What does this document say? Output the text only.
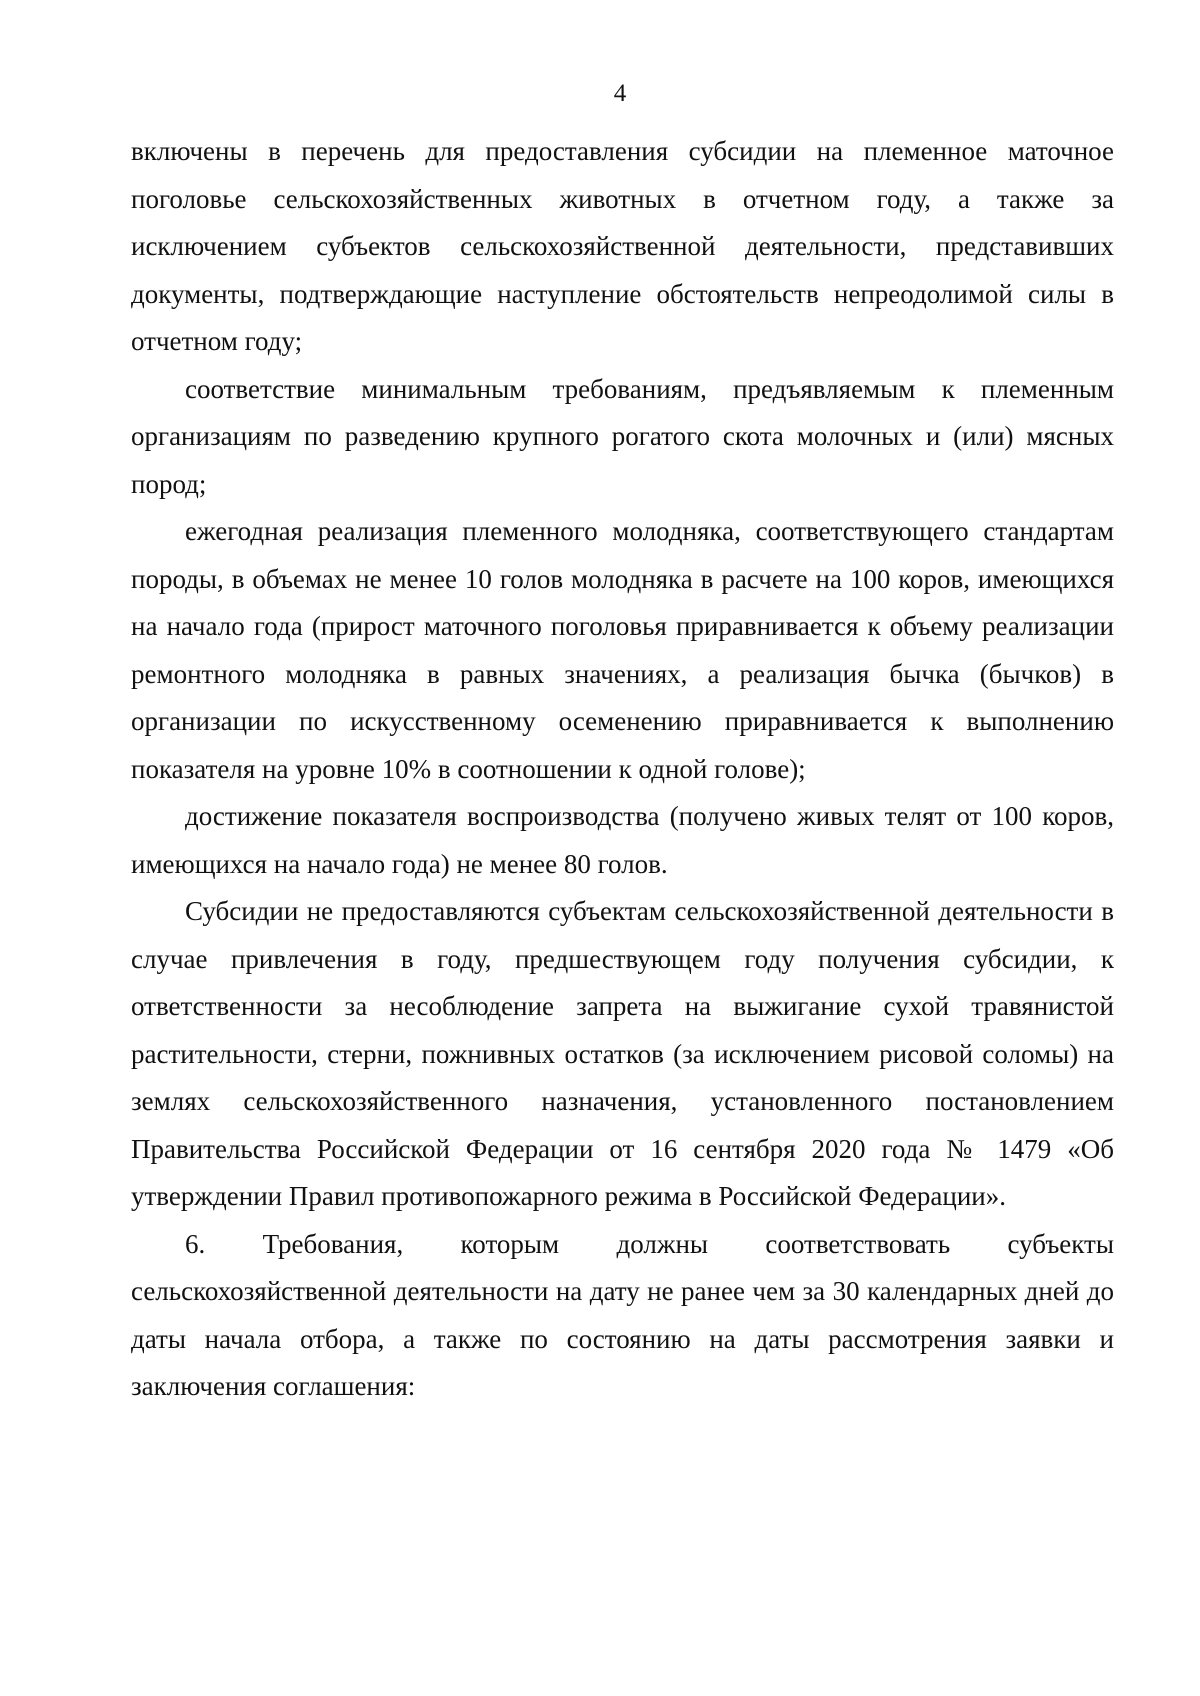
4

включены в перечень для предоставления субсидии на племенное маточное поголовье сельскохозяйственных животных в отчетном году, а также за исключением субъектов сельскохозяйственной деятельности, представивших документы, подтверждающие наступление обстоятельств непреодолимой силы в отчетном году;

соответствие минимальным требованиям, предъявляемым к племенным организациям по разведению крупного рогатого скота молочных и (или) мясных пород;

ежегодная реализация племенного молодняка, соответствующего стандартам породы, в объемах не менее 10 голов молодняка в расчете на 100 коров, имеющихся на начало года (прирост маточного поголовья приравнивается к объему реализации ремонтного молодняка в равных значениях, а реализация бычка (бычков) в организации по искусственному осеменению приравнивается к выполнению показателя на уровне 10% в соотношении к одной голове);

достижение показателя воспроизводства (получено живых телят от 100 коров, имеющихся на начало года) не менее 80 голов.

Субсидии не предоставляются субъектам сельскохозяйственной деятельности в случае привлечения в году, предшествующем году получения субсидии, к ответственности за несоблюдение запрета на выжигание сухой травянистой растительности, стерни, пожнивных остатков (за исключением рисовой соломы) на землях сельскохозяйственного назначения, установленного постановлением Правительства Российской Федерации от 16 сентября 2020 года № 1479 «Об утверждении Правил противопожарного режима в Российской Федерации».

6. Требования, которым должны соответствовать субъекты сельскохозяйственной деятельности на дату не ранее чем за 30 календарных дней до даты начала отбора, а также по состоянию на даты рассмотрения заявки и заключения соглашения:
